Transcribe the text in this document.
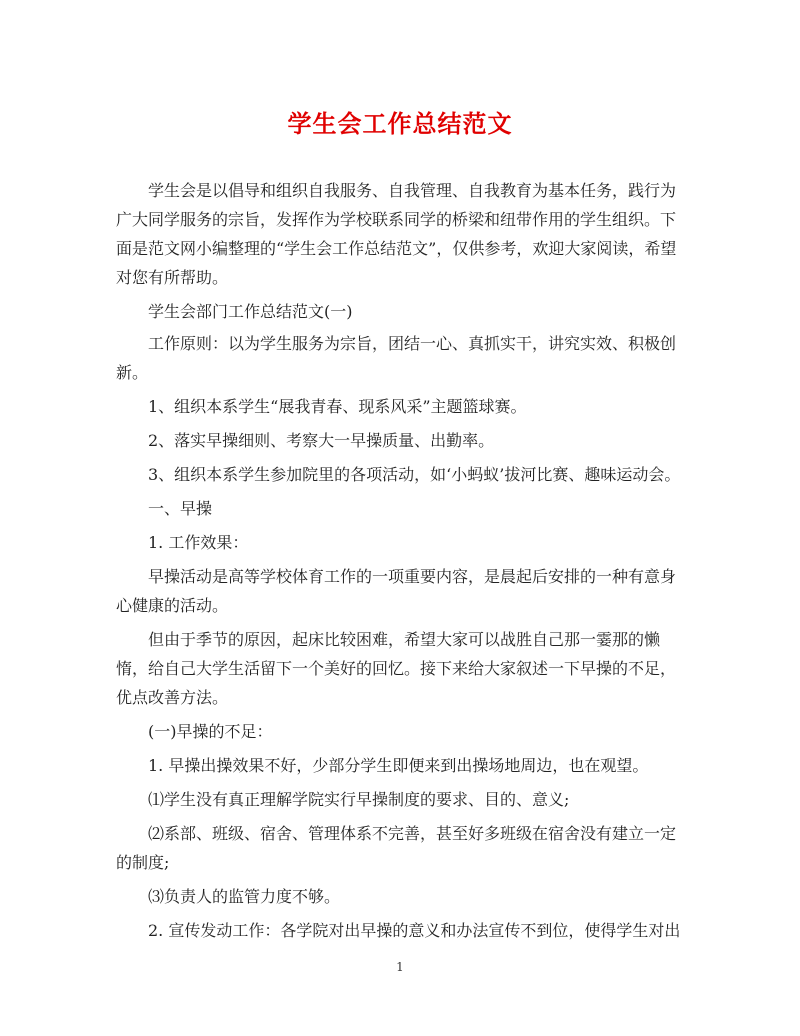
学生会工作总结范文

学生会是以倡导和组织自我服务、自我管理、自我教育为基本任务，践行为广大同学服务的宗旨，发挥作为学校联系同学的桥梁和纽带作用的学生组织。下面是范文网小编整理的“学生会工作总结范文”，仅供参考，欢迎大家阅读，希望对您有所帮助。

学生会部门工作总结范文(一)

工作原则：以为学生服务为宗旨，团结一心、真抓实干，讲究实效、积极创新。

1、组织本系学生“展我青春、现系风采”主题篮球赛。

2、落实早操细则、考察大一早操质量、出勤率。

3、组织本系学生参加院里的各项活动，如‘小蚂蚁’拔河比赛、趣味运动会。

一、早操

1. 工作效果：

早操活动是高等学校体育工作的一项重要内容，是晨起后安排的一种有意身心健康的活动。

但由于季节的原因，起床比较困难，希望大家可以战胜自己那一霎那的懒惰，给自己大学生活留下一个美好的回忆。接下来给大家叙述一下早操的不足，优点改善方法。

(一)早操的不足：

1. 早操出操效果不好，少部分学生即便来到出操场地周边，也在观望。

⑴学生没有真正理解学院实行早操制度的要求、目的、意义;

⑵系部、班级、宿舍、管理体系不完善，甚至好多班级在宿舍没有建立一定的制度;

⑶负责人的监管力度不够。

2. 宣传发动工作：各学院对出早操的意义和办法宣传不到位，使得学生对出

1
